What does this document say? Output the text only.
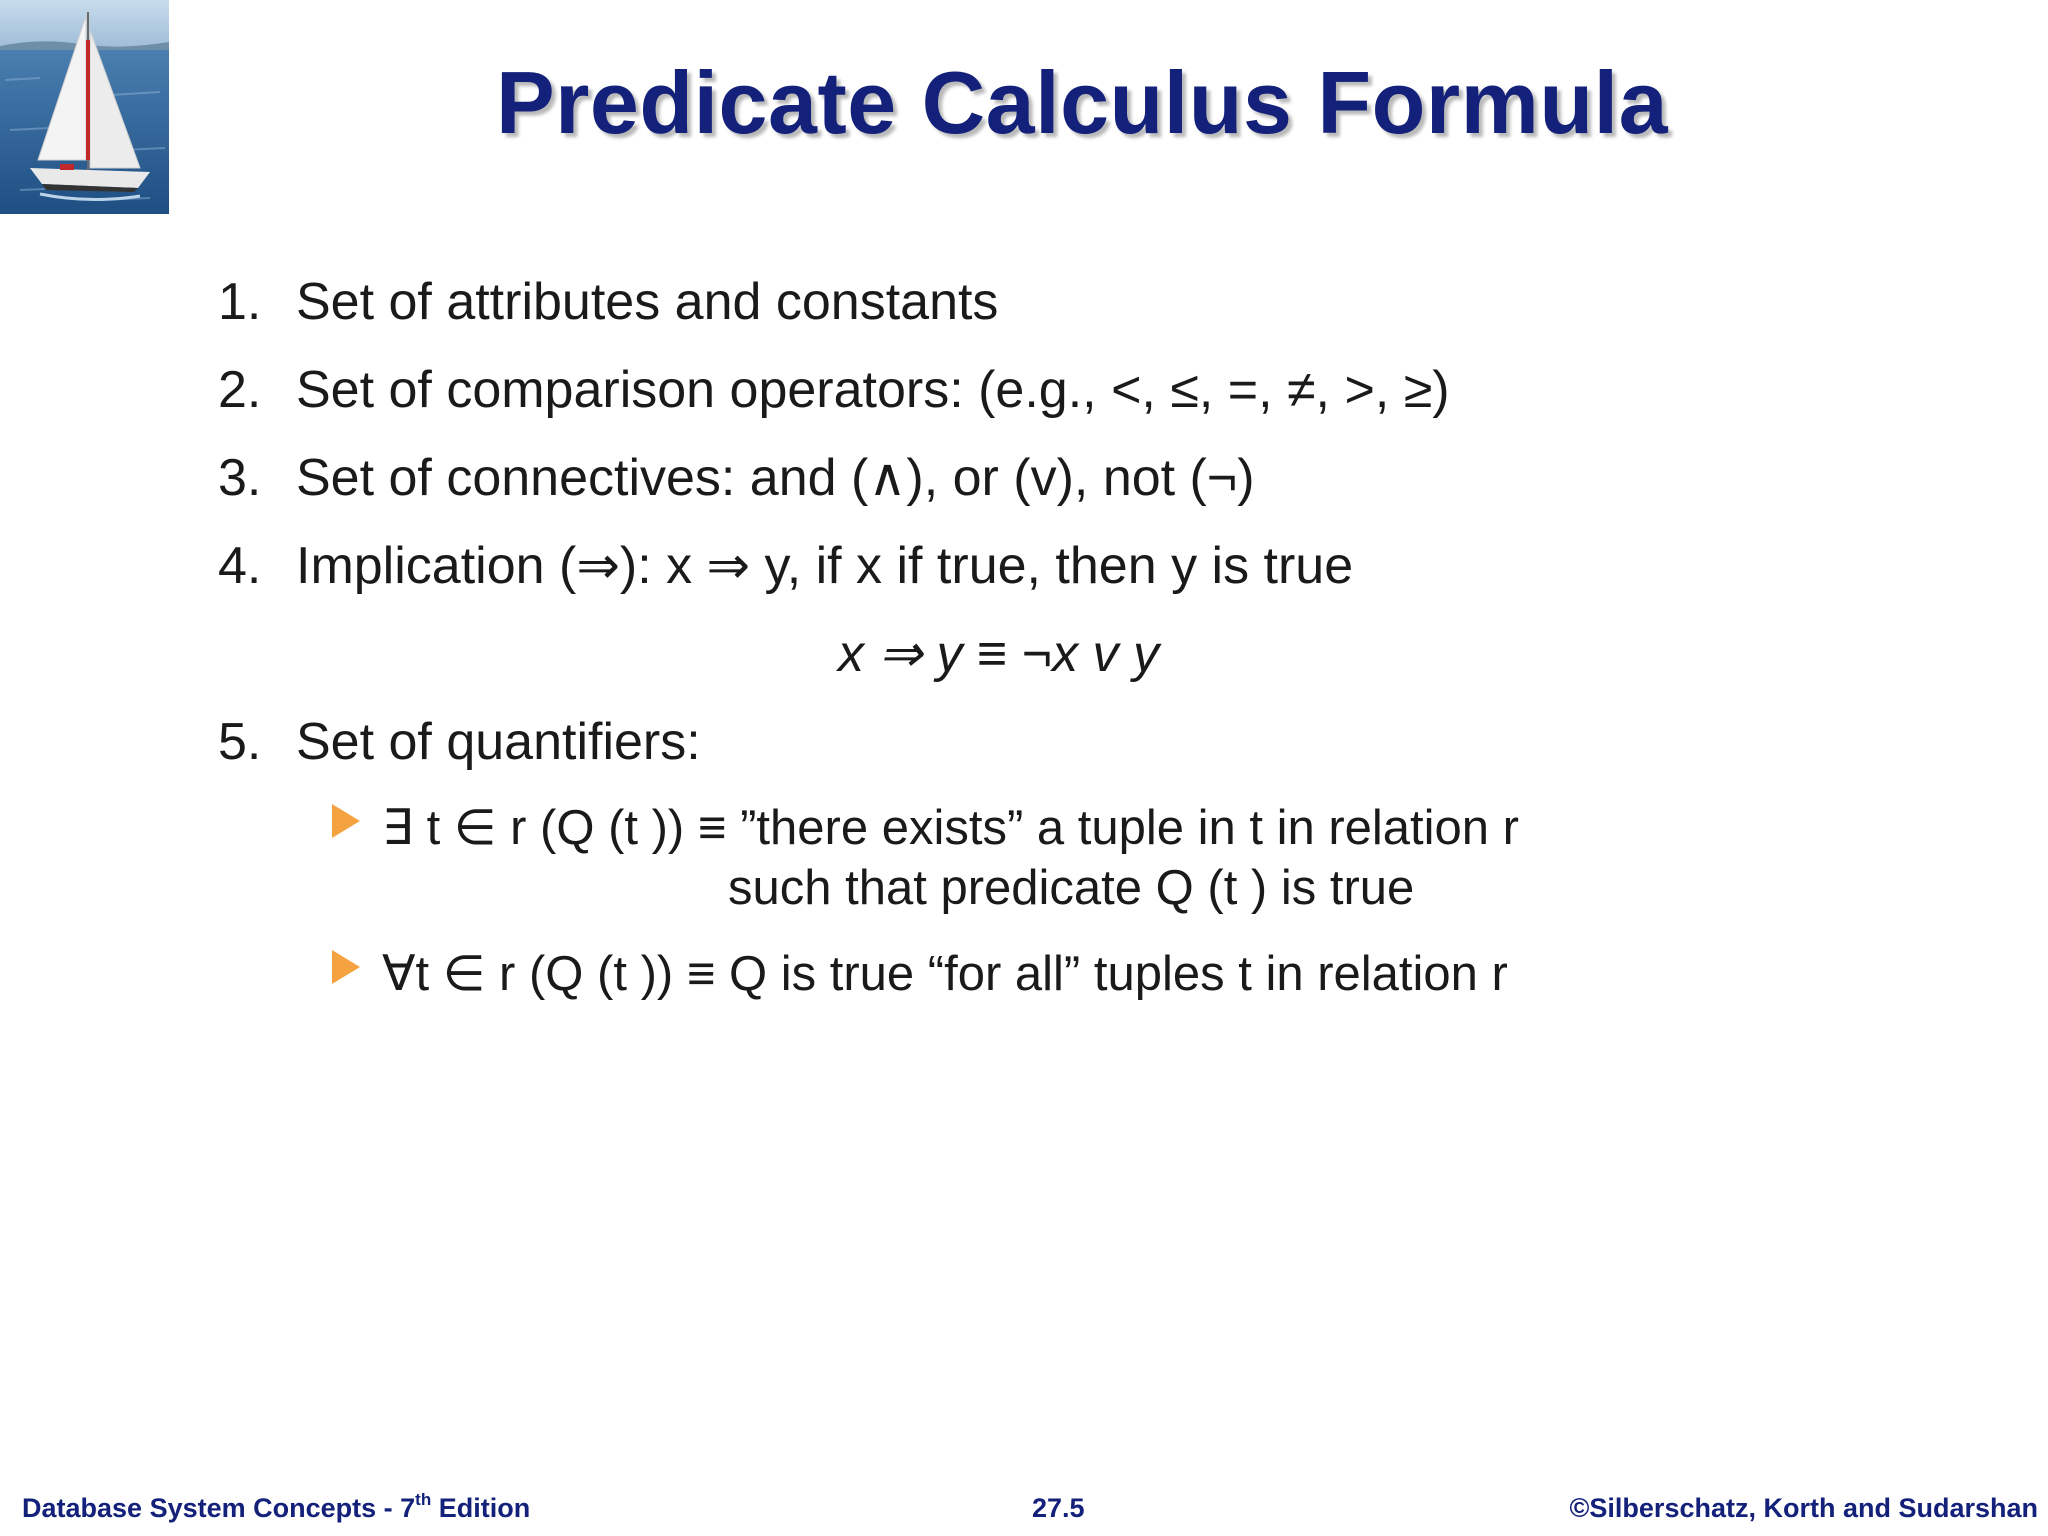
Predicate Calculus Formula
1. Set of attributes and constants
2. Set of comparison operators: (e.g., <, ≤, =, ≠, >, ≥)
3. Set of connectives: and (∧), or (v), not (¬)
4. Implication (⇒): x ⇒ y, if x if true, then y is true
x ⇒ y ≡ ¬x v y
5. Set of quantifiers:
∃ t ∈ r (Q (t )) ≡ ”there exists” a tuple in t in relation r
such that predicate Q (t ) is true
∀t ∈ r (Q (t )) ≡ Q is true “for all” tuples t in relation r
Database System Concepts - 7th Edition	27.5	©Silberschatz, Korth and Sudarshan
